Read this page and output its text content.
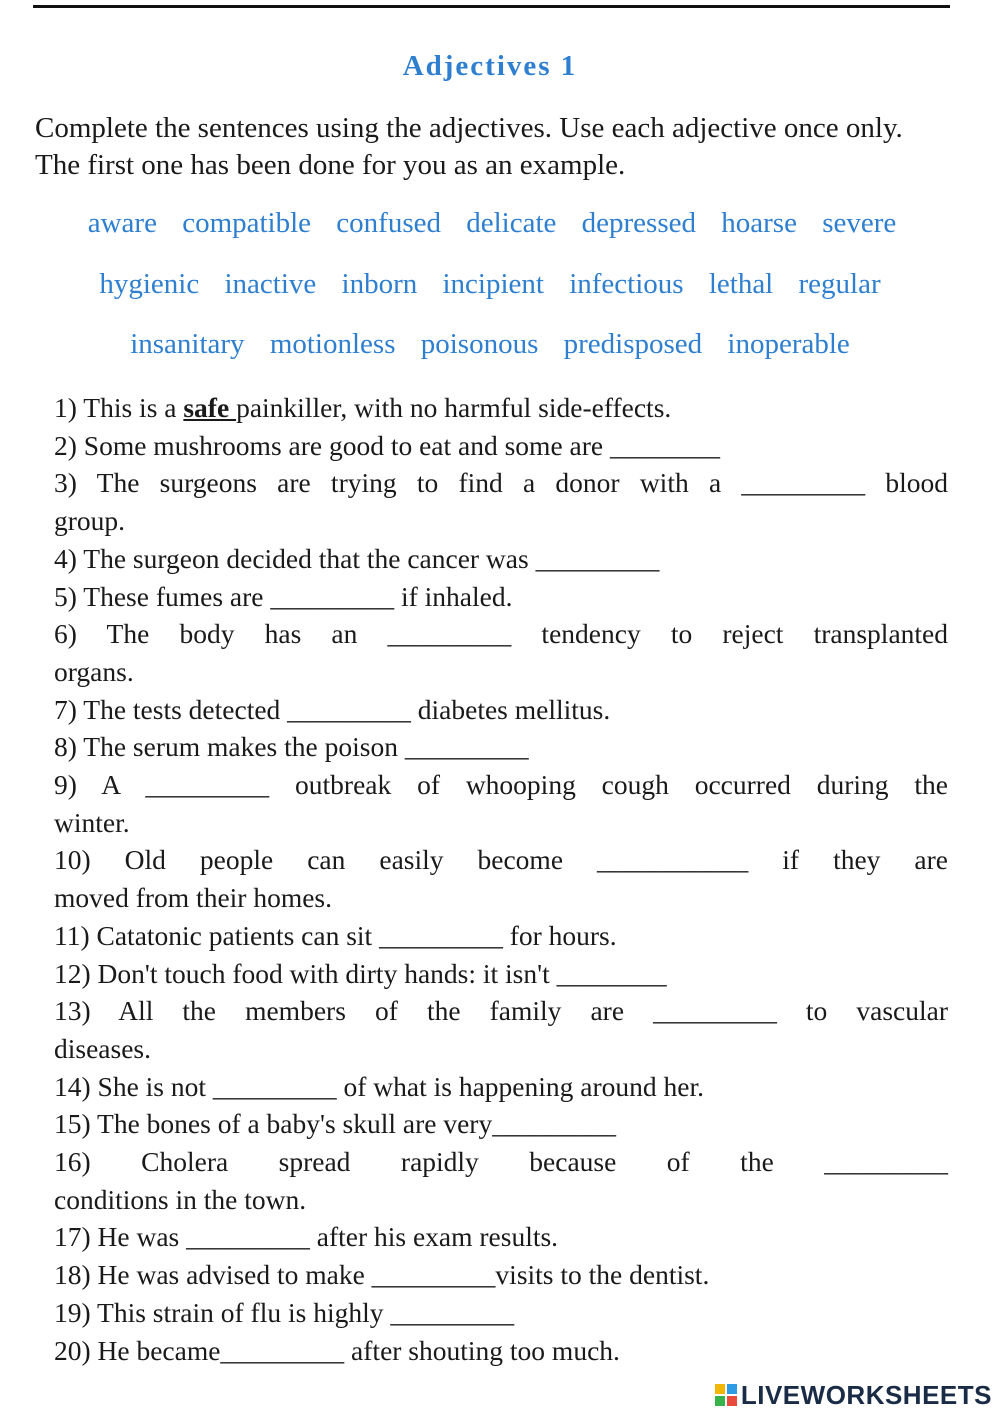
Adjectives 1
Complete the sentences using the adjectives. Use each adjective once only. The first one has been done for you as an example.
aware compatible confused delicate depressed hoarse severe
hygienic inactive inborn incipient infectious lethal regular
insanitary motionless poisonous predisposed inoperable
1) This is a safe painkiller, with no harmful side-effects.
2) Some mushrooms are good to eat and some are ________
3) The surgeons are trying to find a donor with a _________ blood
group.
4) The surgeon decided that the cancer was _________
5) These fumes are _________ if inhaled.
6) The body has an _________ tendency to reject transplanted
organs.
7) The tests detected _________ diabetes mellitus.
8) The serum makes the poison _________
9) A _________ outbreak of whooping cough occurred during the
winter.
10) Old people can easily become ___________ if they are
moved from their homes.
11) Catatonic patients can sit _________ for hours.
12) Don't touch food with dirty hands: it isn't ________
13) All the members of the family are _________ to vascular
diseases.
14) She is not _________ of what is happening around her.
15) The bones of a baby's skull are very_________
16) Cholera spread rapidly because of the _________
conditions in the town.
17) He was _________ after his exam results.
18) He was advised to make _________visits to the dentist.
19) This strain of flu is highly _________
20) He became_________ after shouting too much.
LIVEWORKSHEETS
